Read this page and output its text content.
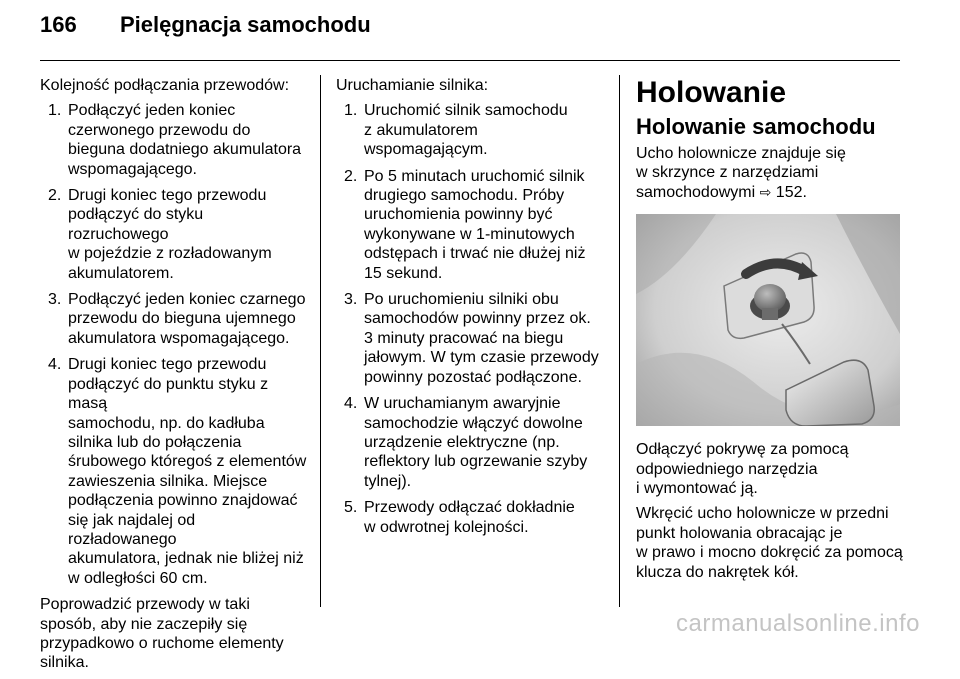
166 Pielęgnacja samochodu

Kolejność podłączania przewodów:

1. Podłączyć jeden koniec
czerwonego przewodu do
bieguna dodatniego akumulatora
wspomagającego.
2. Drugi koniec tego przewodu
podłączyć do styku rozruchowego
w pojeździe z rozładowanym
akumulatorem.
3. Podłączyć jeden koniec czarnego
przewodu do bieguna ujemnego
akumulatora wspomagającego.
4. Drugi koniec tego przewodu
podłączyć do punktu styku z masą
samochodu, np. do kadłuba
silnika lub do połączenia
śrubowego któregoś z elementów
zawieszenia silnika. Miejsce
podłączenia powinno znajdować
się jak najdalej od rozładowanego
akumulatora, jednak nie bliżej niż
w odległości 60 cm.

Poprowadzić przewody w taki
sposób, aby nie zaczepiły się
przypadkowo o ruchome elementy
silnika.

Uruchamianie silnika:

1. Uruchomić silnik samochodu
z akumulatorem
wspomagającym.
2. Po 5 minutach uruchomić silnik
drugiego samochodu. Próby
uruchomienia powinny być
wykonywane w 1-minutowych
odstępach i trwać nie dłużej niż
15 sekund.
3. Po uruchomieniu silniki obu
samochodów powinny przez ok.
3 minuty pracować na biegu
jałowym. W tym czasie przewody
powinny pozostać podłączone.
4. W uruchamianym awaryjnie
samochodzie włączyć dowolne
urządzenie elektryczne (np.
reflektory lub ogrzewanie szyby
tylnej).
5. Przewody odłączać dokładnie
w odwrotnej kolejności.
Holowanie
Holowanie samochodu

Ucho holownicze znajduje się
w skrzynce z narzędziami
samochodowymi ⇨ 152.

Odłączyć pokrywę za pomocą
odpowiedniego narzędzia
i wymontować ją.

Wkręcić ucho holownicze w przedni
punkt holowania obracając je
w prawo i mocno dokręcić za pomocą
klucza do nakrętek kół.

carmanualsonline.info
